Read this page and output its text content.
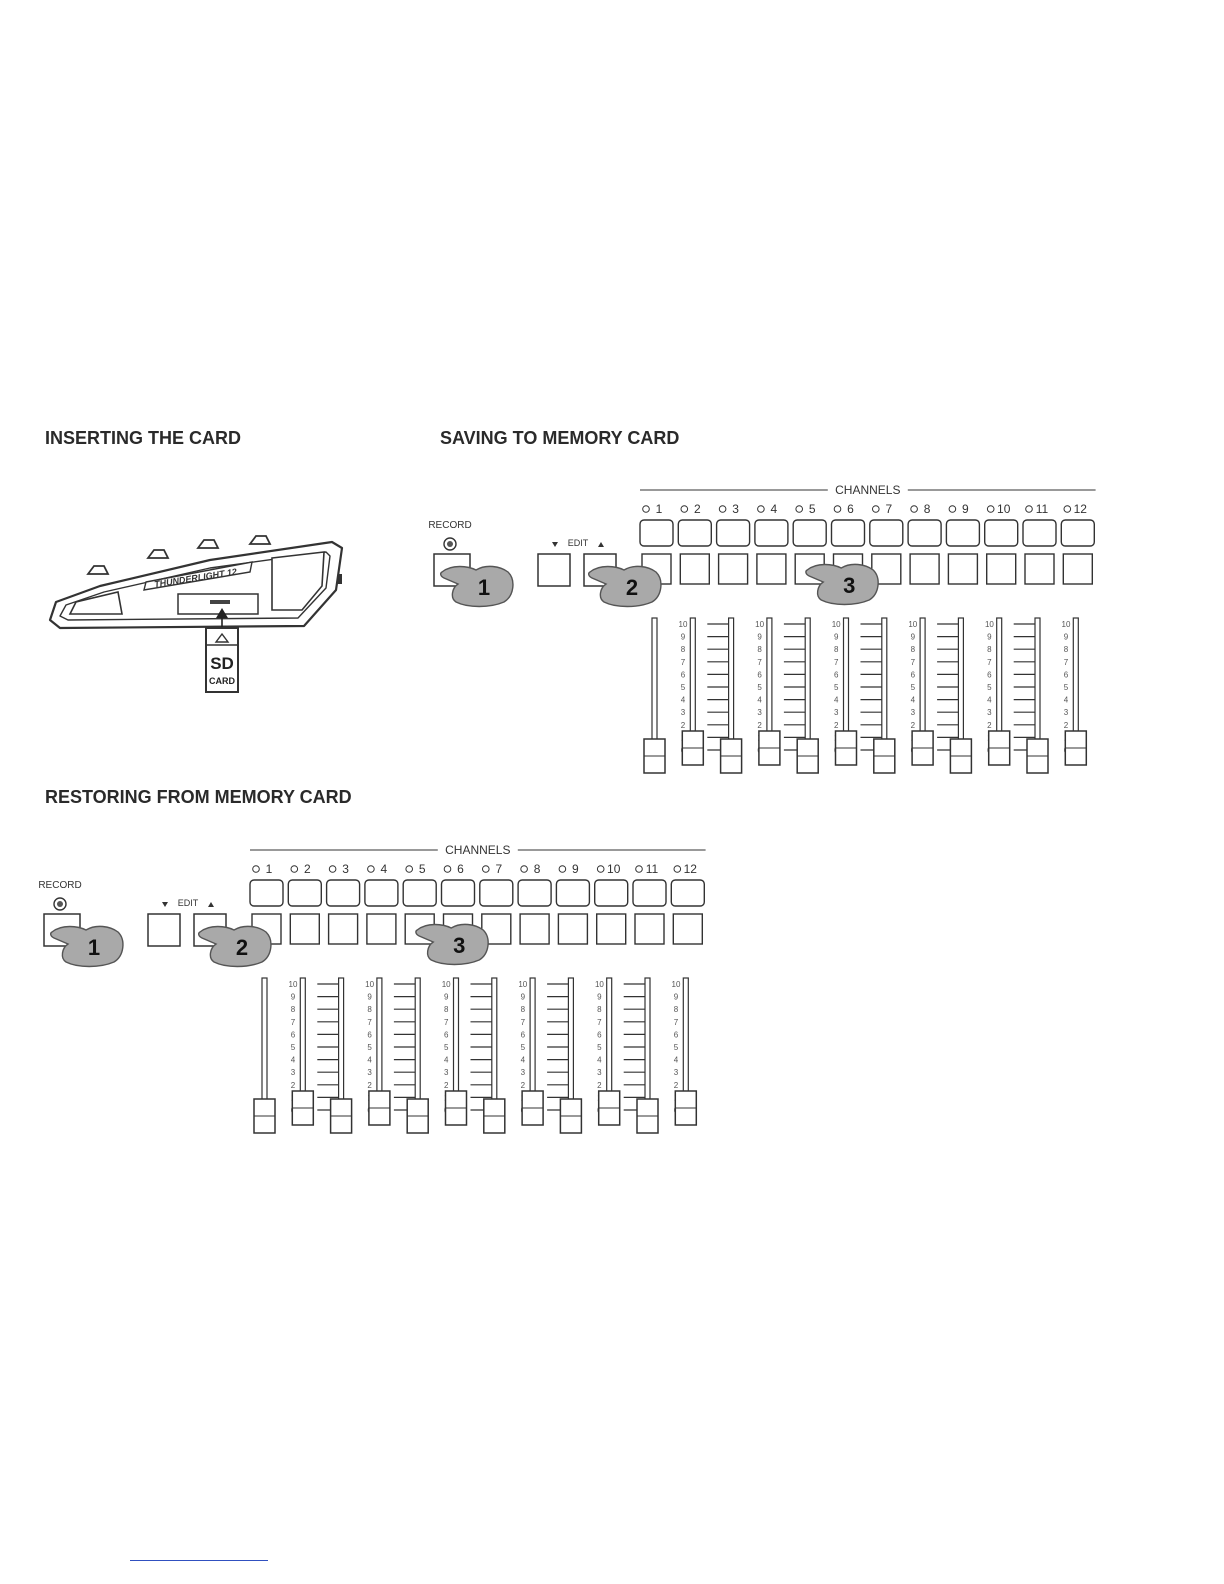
INSERTING THE CARD	SAVING TO MEMORY CARD
RESTORING FROM MEMORY CARD
THUNDERLIGHT 12
SD
CARD
RECORD
EDIT
CHANNELS
1
10
9
8
7
6
5
4
3
2
2	3
10
9
8
7
6
5
4
3
2
4	5
10
9
8
7
6
5
4
3
2
6	7
10
9
8
7
6
5
4
3
2
8	9
10
9
8
7
6
5
4
3
2
10 11
10
9
8
7
6
5
4
3
2
12
1	2	3
RECORD
EDIT
CHANNELS
1
10
9
8
7
6
5
4
3
2
2	3
10
9
8
7
6
5
4
3
2
4	5
10
9
8
7
6
5
4
3
2
6	7
10
9
8
7
6
5
4
3
2
8	9
10
9
8
7
6
5
4
3
2
10 11
10
9
8
7
6
5
4
3
2
12
1	2	3
